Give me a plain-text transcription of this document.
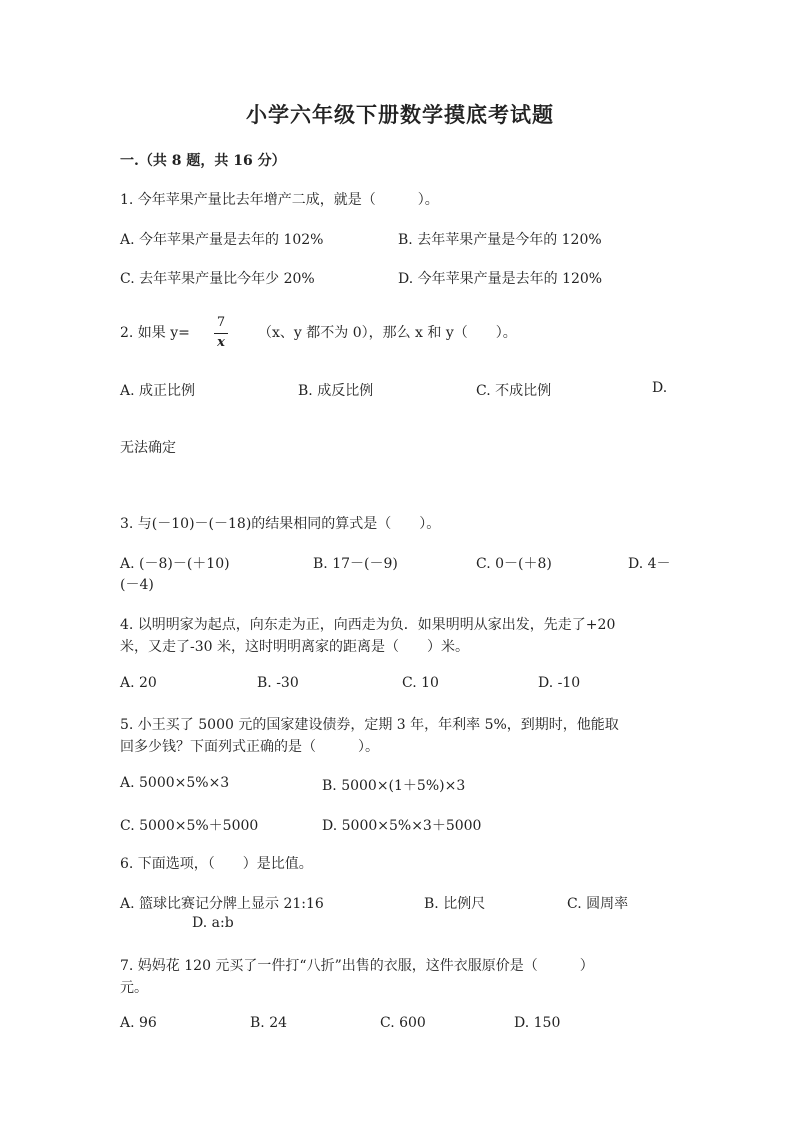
小学六年级下册数学摸底考试题
一.（共 8 题，共 16 分）
1. 今年苹果产量比去年增产二成，就是（　　　）。
A. 今年苹果产量是去年的 102%	B. 去年苹果产量是今年的 120%
C. 去年苹果产量比今年少 20%	D. 今年苹果产量是去年的 120%
2. 如果 y=
7
x
（x、y 都不为 0），那么 x 和 y（　　）。
A. 成正比例	B. 成反比例	C. 不成比例	D.
无法确定
3. 与(－10)－(－18)的结果相同的算式是（　　）。
A. (－8)－(＋10)	B. 17－(－9)	C. 0－(＋8)	D. 4－
(－4)
4. 以明明家为起点，向东走为正，向西走为负．如果明明从家出发，先走了+20
米，又走了-30 米，这时明明离家的距离是（　　）米。
A. 20	B. -30	C. 10	D. -10
5. 小王买了 5000 元的国家建设债券，定期 3 年，年利率 5%，到期时，他能取
回多少钱？下面列式正确的是（　　　）。
A. 5000×5%×3	B. 5000×(1＋5%)×3
C. 5000×5%＋5000	D. 5000×5%×3＋5000
6. 下面选项，（　　）是比值。
A. 篮球比赛记分牌上显示 21:16	B. 比例尺	C. 圆周率
D. a:b
7. 妈妈花 120 元买了一件打“八折”出售的衣服，这件衣服原价是（　　　）
元。
A. 96	B. 24	C. 600	D. 150
